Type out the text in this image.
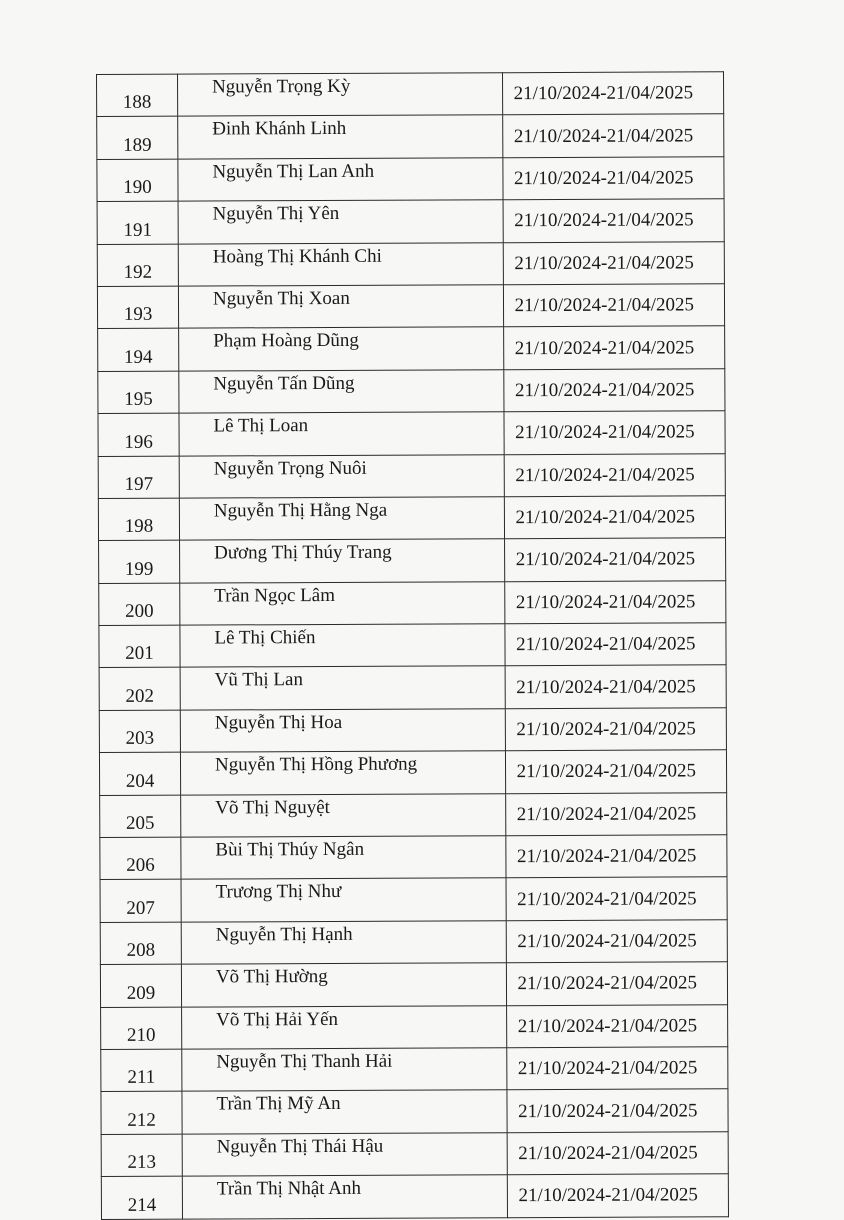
188	Nguyễn Trọng Kỳ	21/10/2024-21/04/2025
189	Đinh Khánh Linh	21/10/2024-21/04/2025
190	Nguyễn Thị Lan Anh	21/10/2024-21/04/2025
191	Nguyễn Thị Yên	21/10/2024-21/04/2025
192	Hoàng Thị Khánh Chi	21/10/2024-21/04/2025
193	Nguyễn Thị Xoan	21/10/2024-21/04/2025
194	Phạm Hoàng Dũng	21/10/2024-21/04/2025
195	Nguyễn Tấn Dũng	21/10/2024-21/04/2025
196	Lê Thị Loan	21/10/2024-21/04/2025
197	Nguyễn Trọng Nuôi	21/10/2024-21/04/2025
198	Nguyễn Thị Hằng Nga	21/10/2024-21/04/2025
199	Dương Thị Thúy Trang	21/10/2024-21/04/2025
200	Trần Ngọc Lâm	21/10/2024-21/04/2025
201	Lê Thị Chiến	21/10/2024-21/04/2025
202	Vũ Thị Lan	21/10/2024-21/04/2025
203	Nguyễn Thị Hoa	21/10/2024-21/04/2025
204	Nguyễn Thị Hồng Phương	21/10/2024-21/04/2025
205	Võ Thị Nguyệt	21/10/2024-21/04/2025
206	Bùi Thị Thúy Ngân	21/10/2024-21/04/2025
207	Trương Thị Như	21/10/2024-21/04/2025
208	Nguyễn Thị Hạnh	21/10/2024-21/04/2025
209	Võ Thị Hường	21/10/2024-21/04/2025
210	Võ Thị Hải Yến	21/10/2024-21/04/2025
211	Nguyễn Thị Thanh Hải	21/10/2024-21/04/2025
212	Trần Thị Mỹ An	21/10/2024-21/04/2025
213	Nguyễn Thị Thái Hậu	21/10/2024-21/04/2025
214	Trần Thị Nhật Anh	21/10/2024-21/04/2025
